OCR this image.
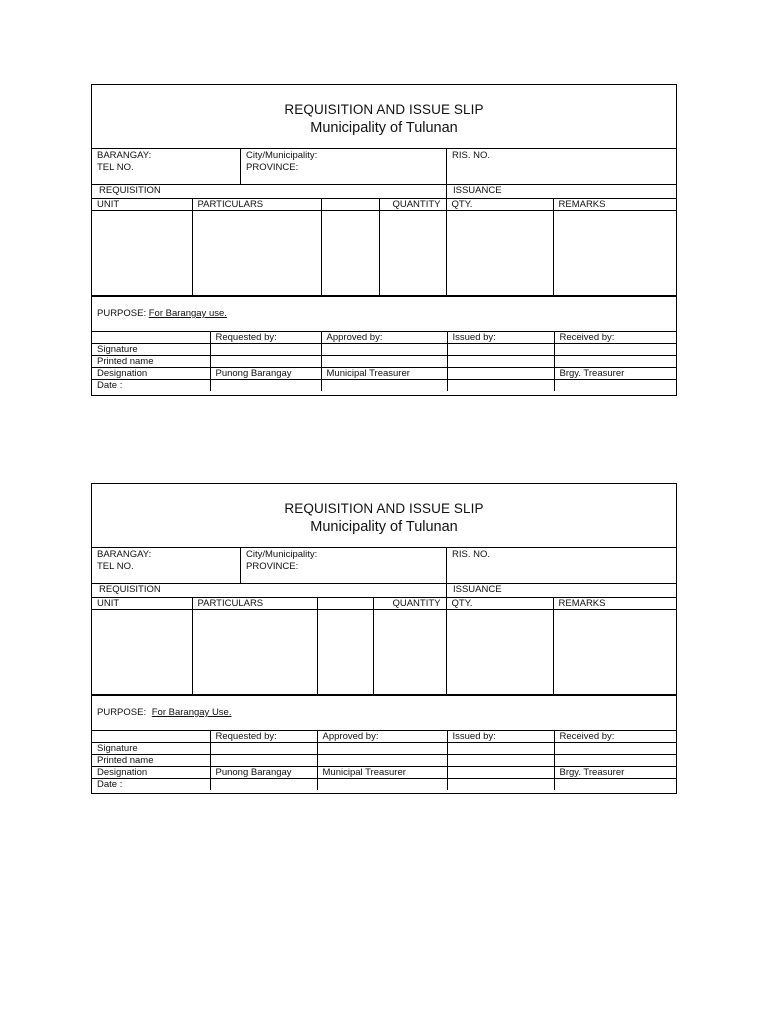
REQUISITION AND ISSUE SLIP
Municipality of Tulunan
BARANGAY:
TEL NO.
City/Municipality:
PROVINCE:
RIS. NO.
REQUISITION	ISSUANCE
UNIT	PARTICULARS		QUANTITY	QTY.	REMARKS

PURPOSE: For Barangay use.
	Requested by:	Approved by:	Issued by:	Received by:
Signature				
Printed name				
Designation	Punong Barangay	Municipal Treasurer		Brgy. Treasurer
Date :				
REQUISITION AND ISSUE SLIP
Municipality of Tulunan
BARANGAY:
TEL NO.
City/Municipality:
PROVINCE:
RIS. NO.
REQUISITION	ISSUANCE
UNIT	PARTICULARS		QUANTITY	QTY.	REMARKS

PURPOSE: For Barangay Use.
	Requested by:	Approved by:	Issued by:	Received by:
Signature				
Printed name				
Designation	Punong Barangay	Municipal Treasurer		Brgy. Treasurer
Date :				
